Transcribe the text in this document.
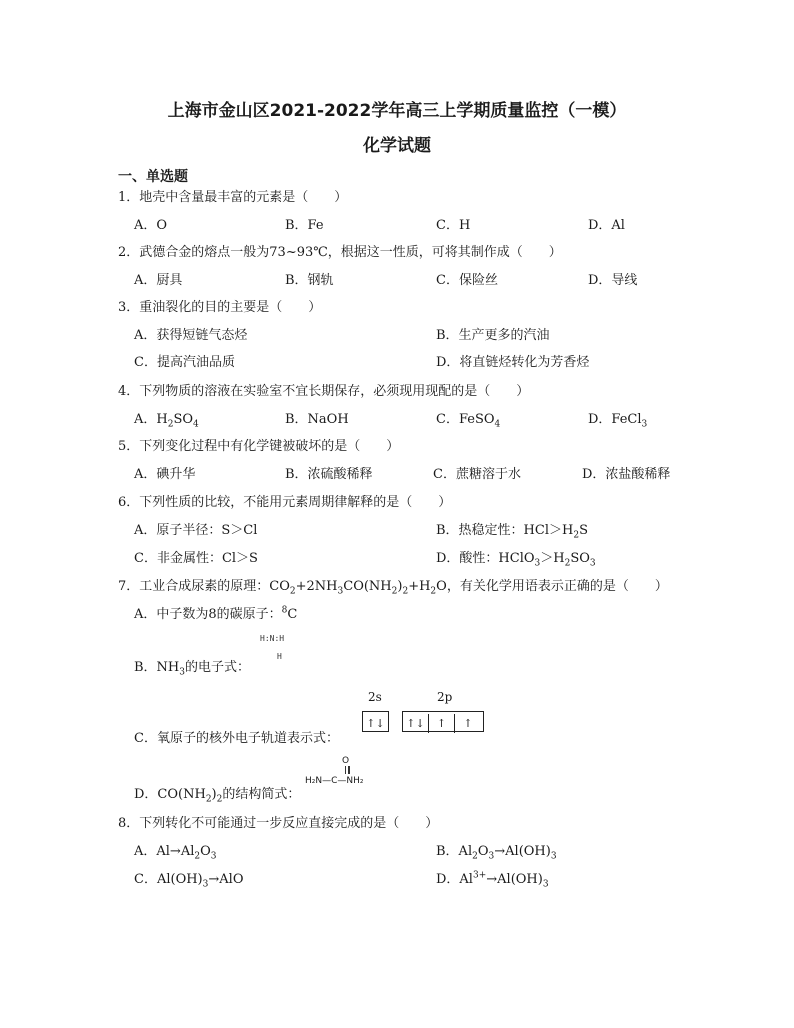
上海市金山区2021-2022学年高三上学期质量监控（一模）
化学试题
一、单选题
1．地壳中含量最丰富的元素是（　　）
A．O	B．Fe	C．H	D．Al
2．武德合金的熔点一般为73~93℃，根据这一性质，可将其制作成（　　）
A．厨具	B．钢轨	C．保险丝	D．导线
3．重油裂化的目的主要是（　　）
A．获得短链气态烃	B．生产更多的汽油
C．提高汽油品质	D．将直链烃转化为芳香烃
4．下列物质的溶液在实验室不宜长期保存，必须现用现配的是（　　）
A．$H_2SO_4$	B．NaOH	C．FeSO$_4$	D．FeCl$_3$
5．下列变化过程中有化学键被破坏的是（　　）
A．碘升华	B．浓硫酸稀释	C．蔗糖溶于水	D．浓盐酸稀释
6．下列性质的比较，不能用元素周期律解释的是（　　）
A．原子半径：S＞Cl	B．热稳定性：$HCl>H_2S$
C．非金属性：Cl＞S	D．酸性：$HClO_3>H_2SO_3$
7．工业合成尿素的原理：$CO_2+2NH_3CO(NH_2)_2+H_2O$，有关化学用语表示正确的是（　　）
A．中子数为8的碳原子：$^8$C
H:N:H
H
B．$NH_3$的电子式：
2s	2p
↑↓	↑↓ ↑ ↑
C．氧原子的核外电子轨道表示式：
O
H₂N—C—NH₂
D．$CO(NH_2)_2$的结构简式：
8．下列转化不可能通过一步反应直接完成的是（　　）
A．$Al\to Al_2O_3$	B．$Al_2O_3\to Al(OH)_3$
C．$Al(OH)_3\to AlO$	D．$Al^{3+}\to Al(OH)_3$
